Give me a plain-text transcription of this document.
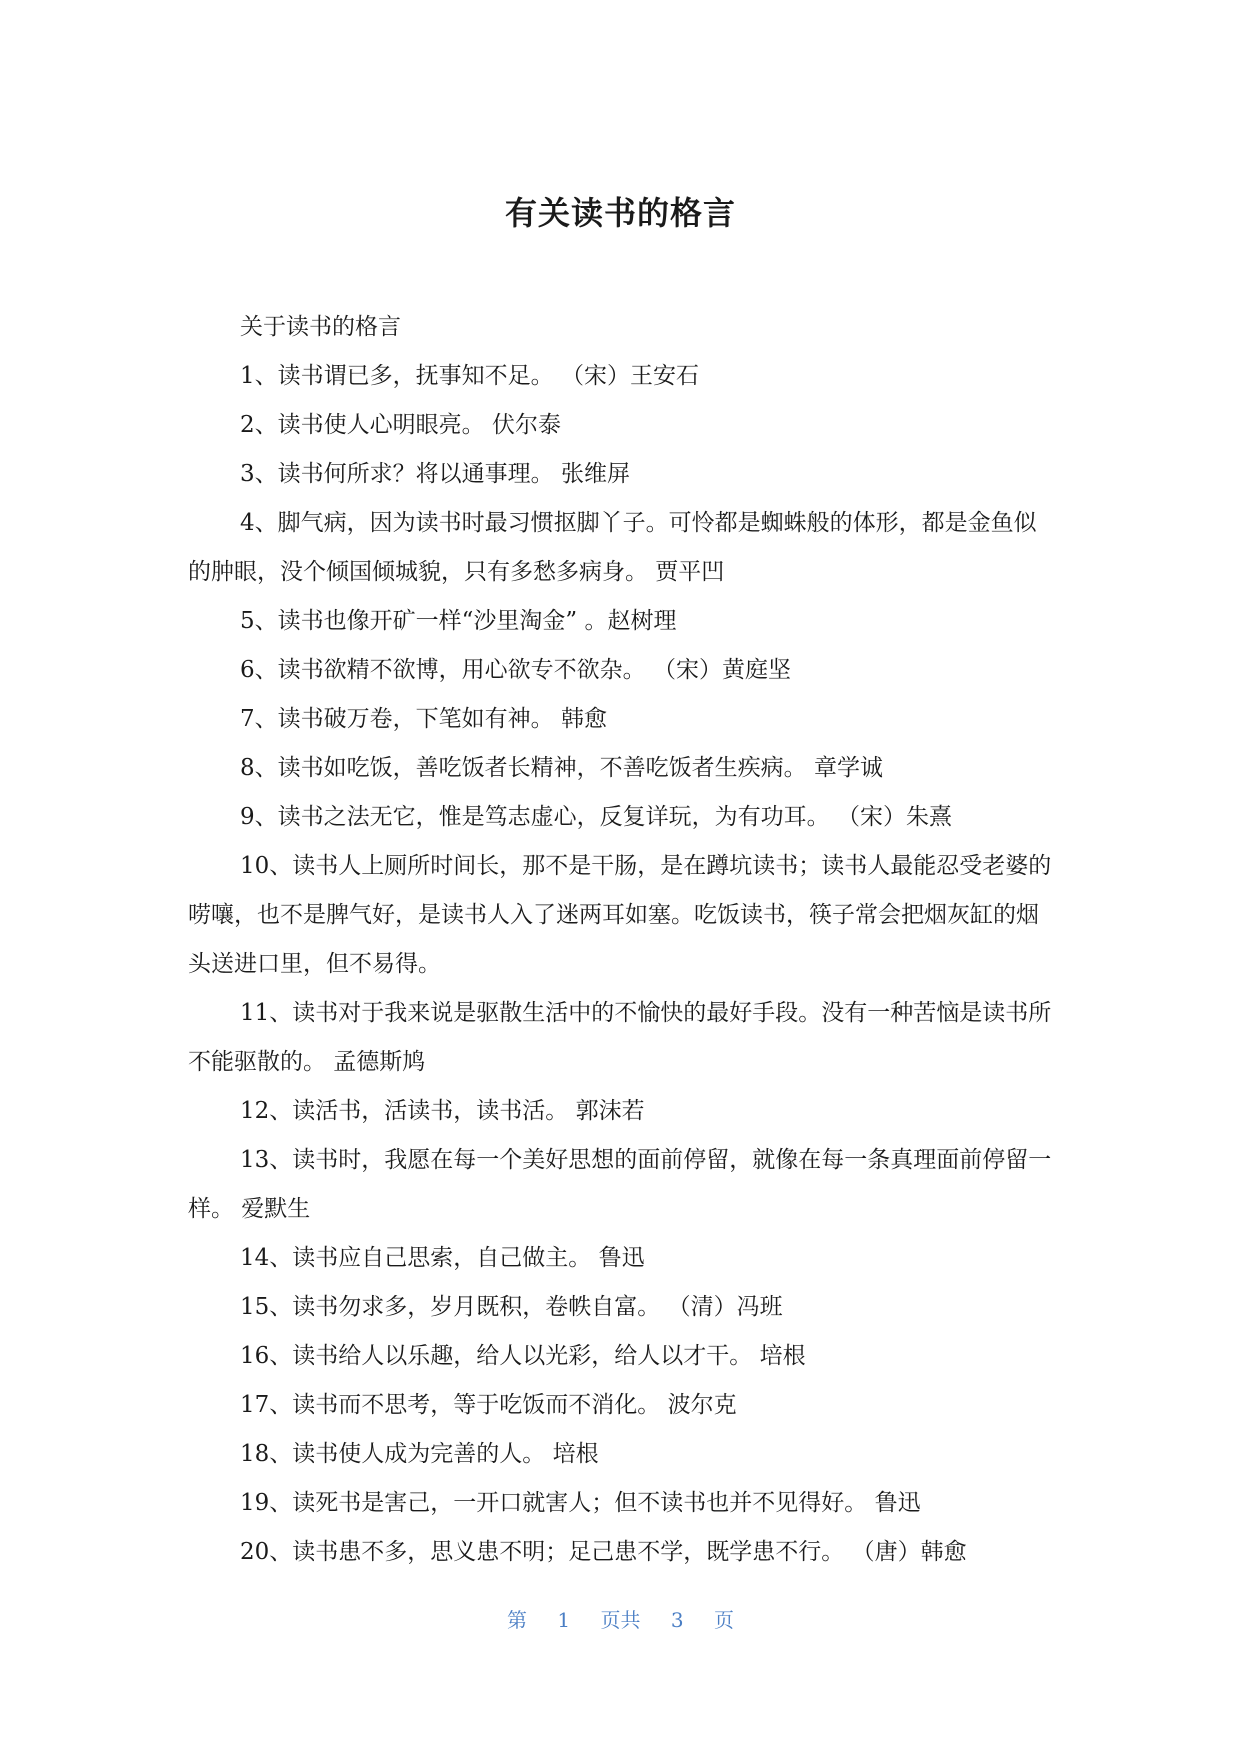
有关读书的格言

关于读书的格言

1、读书谓已多，抚事知不足。 （宋）王安石

2、读书使人心明眼亮。 伏尔泰

3、读书何所求？将以通事理。 张维屏

4、脚气病，因为读书时最习惯抠脚丫子。可怜都是蜘蛛般的体形，都是金鱼似的肿眼，没个倾国倾城貌，只有多愁多病身。 贾平凹

5、读书也像开矿一样“沙里淘金” 。赵树理

6、读书欲精不欲博，用心欲专不欲杂。 （宋）黄庭坚

7、读书破万卷，下笔如有神。 韩愈

8、读书如吃饭，善吃饭者长精神，不善吃饭者生疾病。 章学诚

9、读书之法无它，惟是笃志虚心，反复详玩，为有功耳。 （宋）朱熹

10、读书人上厕所时间长，那不是干肠，是在蹲坑读书；读书人最能忍受老婆的唠嚷，也不是脾气好，是读书人入了迷两耳如塞。吃饭读书，筷子常会把烟灰缸的烟头送进口里，但不易得。

11、读书对于我来说是驱散生活中的不愉快的最好手段。没有一种苦恼是读书所不能驱散的。 孟德斯鸠

12、读活书，活读书，读书活。 郭沫若

13、读书时，我愿在每一个美好思想的面前停留，就像在每一条真理面前停留一样。 爱默生

14、读书应自己思索，自己做主。 鲁迅

15、读书勿求多，岁月既积，卷帙自富。 （清）冯班

16、读书给人以乐趣，给人以光彩，给人以才干。 培根

17、读书而不思考，等于吃饭而不消化。 波尔克

18、读书使人成为完善的人。 培根

19、读死书是害己，一开口就害人；但不读书也并不见得好。 鲁迅

20、读书患不多，思义患不明；足己患不学，既学患不行。 （唐）韩愈

第 1 页共 3 页
